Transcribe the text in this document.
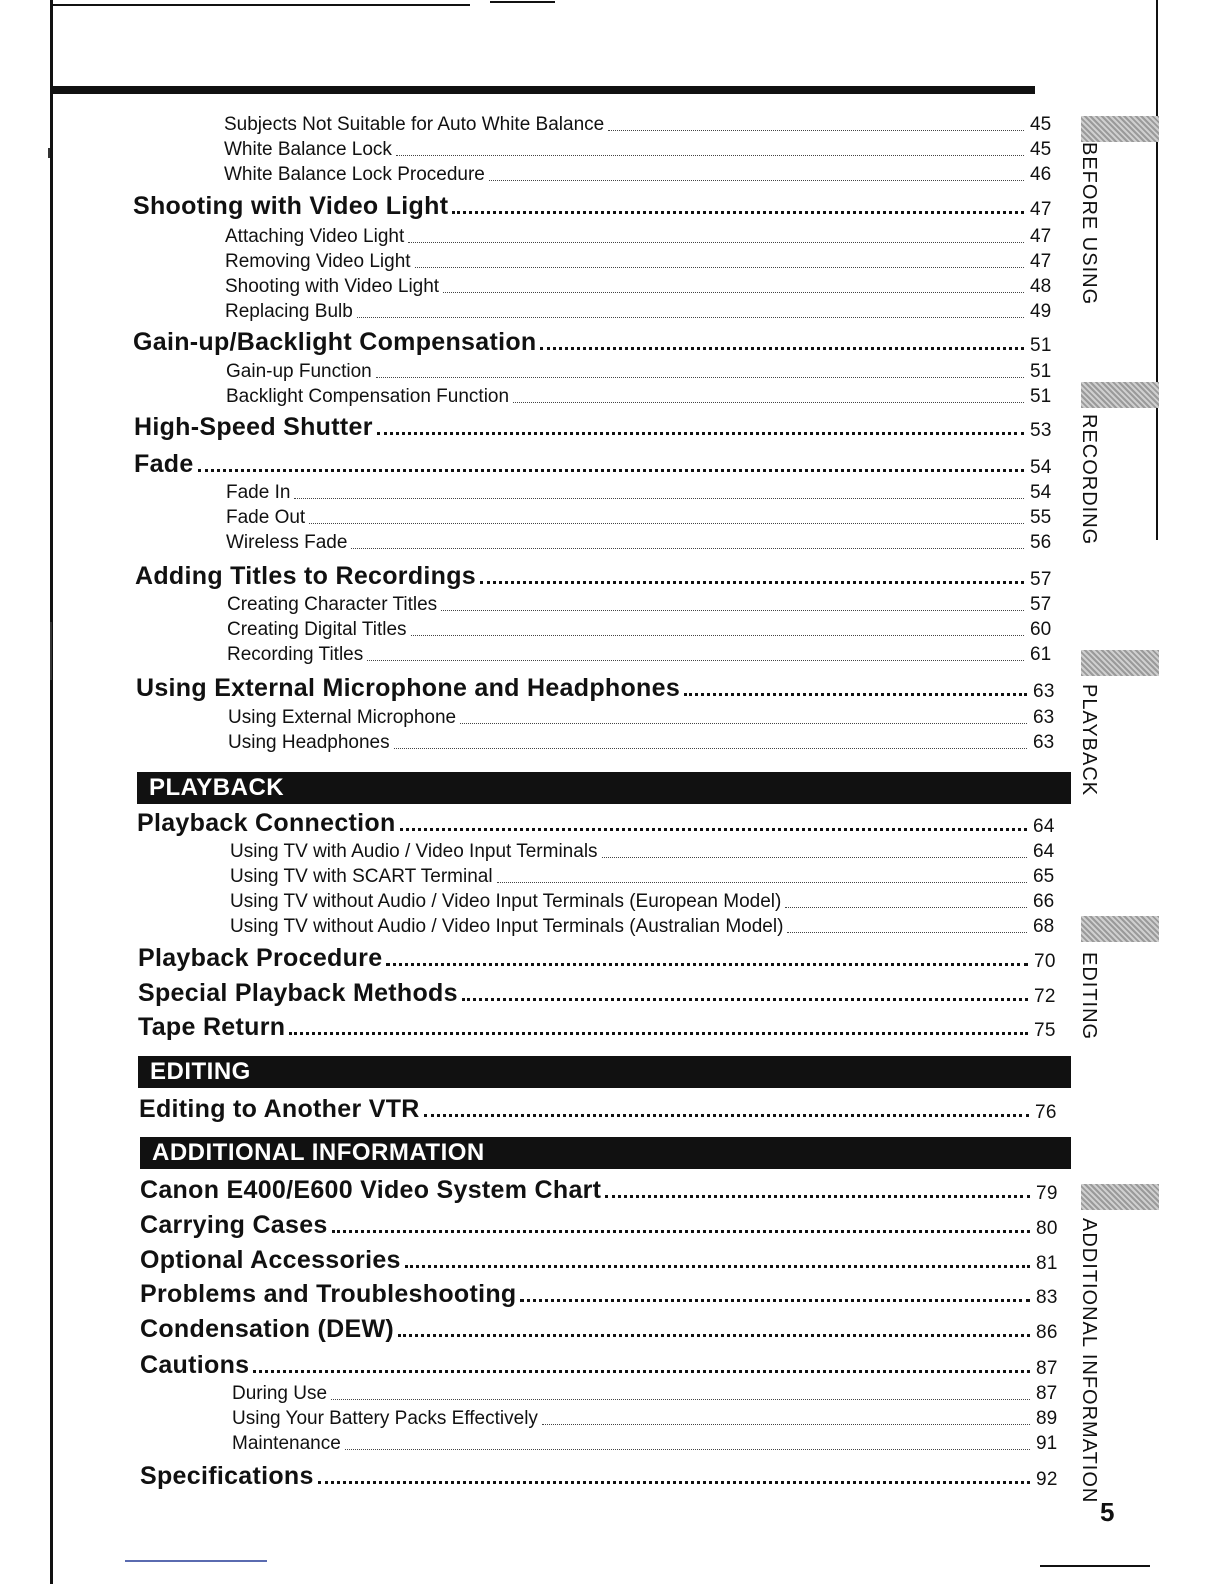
Subjects Not Suitable for Auto White Balance	45
White Balance Lock	45
White Balance Lock Procedure	46
Shooting with Video Light	47
Attaching Video Light	47
Removing Video Light	47
Shooting with Video Light	48
Replacing Bulb	49
Gain-up/Backlight Compensation	51
Gain-up Function	51
Backlight Compensation Function	51
High-Speed Shutter	53
Fade	54
Fade In	54
Fade Out	55
Wireless Fade	56
Adding Titles to Recordings	57
Creating Character Titles	57
Creating Digital Titles	60
Recording Titles	61
Using External Microphone and Headphones	63
Using External Microphone	63
Using Headphones	63
PLAYBACK
Playback Connection	64
Using TV with Audio / Video Input Terminals	64
Using TV with SCART Terminal	65
Using TV without Audio / Video Input Terminals (European Model)	66
Using TV without Audio / Video Input Terminals (Australian Model)	68
Playback Procedure	70
Special Playback Methods	72
Tape Return	75
EDITING
Editing to Another VTR	76
ADDITIONAL INFORMATION
Canon E400/E600 Video System Chart	79
Carrying Cases	80
Optional Accessories	81
Problems and Troubleshooting	83
Condensation (DEW)	86
Cautions	87
During Use	87
Using Your Battery Packs Effectively	89
Maintenance	91
Specifications	92
BEFORE USING
RECORDING
PLAYBACK
EDITING
ADDITIONAL INFORMATION
5
